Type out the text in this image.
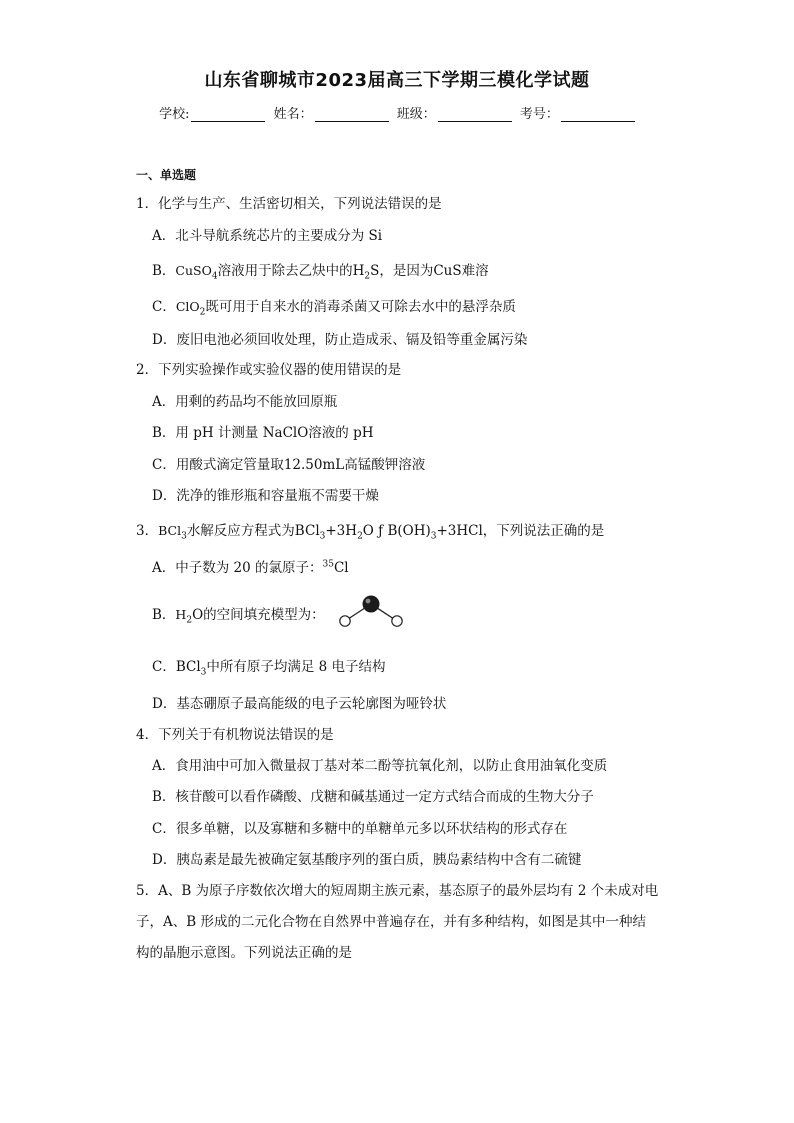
山东省聊城市2023届高三下学期三模化学试题
学校:	姓名：	班级：	考号：
一、单选题
1．化学与生产、生活密切相关，下列说法错误的是
A．北斗导航系统芯片的主要成分为 Si
B．CuSO$_4$溶液用于除去乙炔中的$H_2S$，是因为CuS难溶
C．ClO$_2$既可用于自来水的消毒杀菌又可除去水中的悬浮杂质
D．废旧电池必须回收处理，防止造成汞、镉及铅等重金属污染
2．下列实验操作或实验仪器的使用错误的是
A．用剩的药品均不能放回原瓶
B．用 pH 计测量 NaClO溶液的 pH
C．用酸式滴定管量取12.50mL高锰酸钾溶液
D．洗净的锥形瓶和容量瓶不需要干燥
3．BCl$_3$水解反应方程式为$BCl_3+3H_2O$ ƒ $B(OH)_3+3HCl$，下列说法正确的是
A．中子数为 20 的氯原子：$^{35}$Cl
B．$H_2O$的空间填充模型为：
C．BCl$_3$中所有原子均满足 8 电子结构
D．基态硼原子最高能级的电子云轮廓图为哑铃状
4．下列关于有机物说法错误的是
A．食用油中可加入微量叔丁基对苯二酚等抗氧化剂，以防止食用油氧化变质
B．核苷酸可以看作磷酸、戊糖和碱基通过一定方式结合而成的生物大分子
C．很多单糖，以及寡糖和多糖中的单糖单元多以环状结构的形式存在
D．胰岛素是最先被确定氨基酸序列的蛋白质，胰岛素结构中含有二硫键
5．A、B 为原子序数依次增大的短周期主族元素，基态原子的最外层均有 2 个未成对电
子，A、B 形成的二元化合物在自然界中普遍存在，并有多种结构，如图是其中一种结
构的晶胞示意图。下列说法正确的是
